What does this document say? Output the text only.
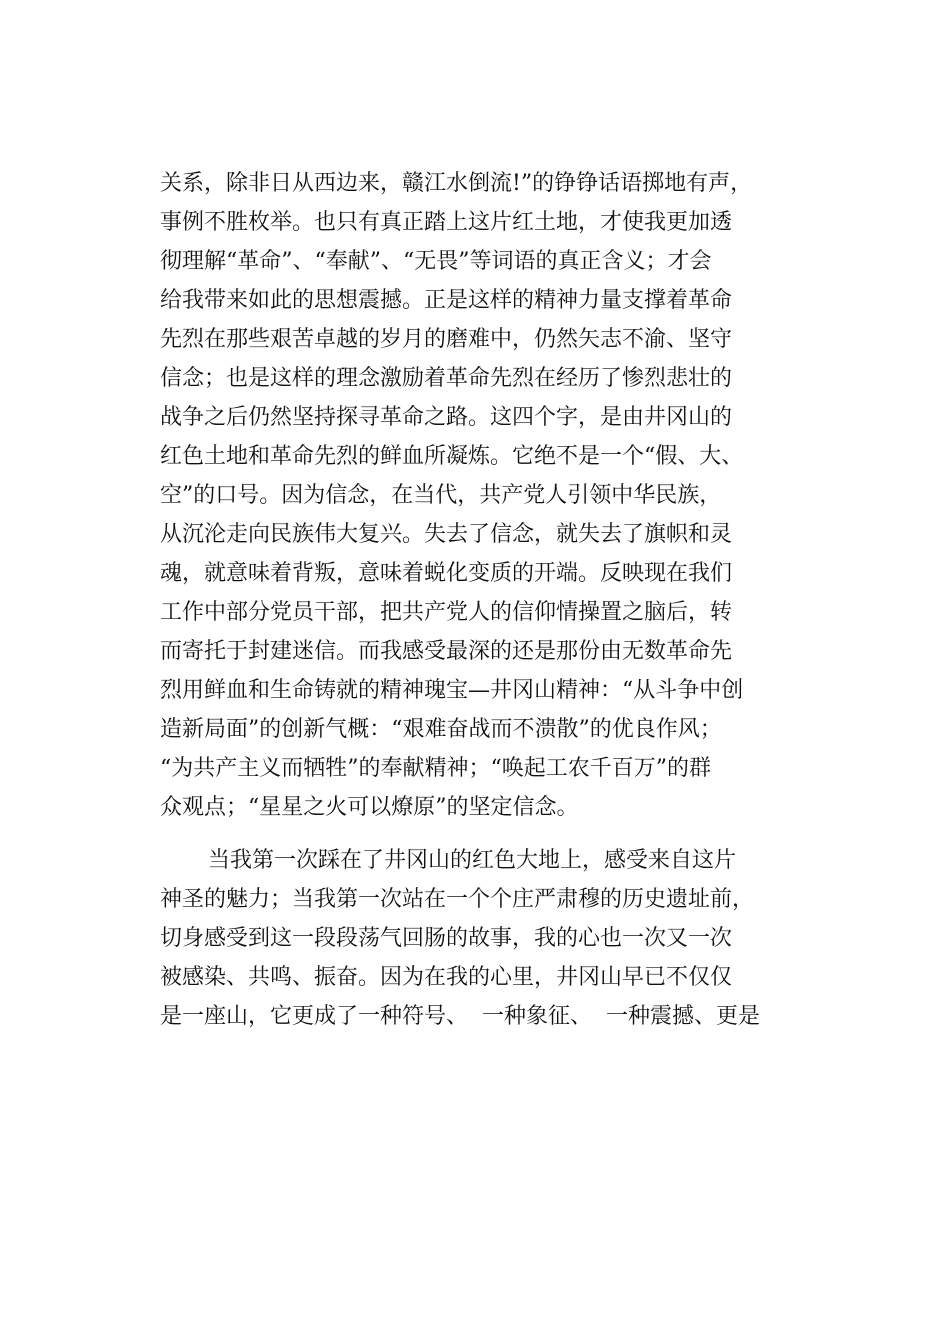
关系，除非日从西边来，赣江水倒流!”的铮铮话语掷地有声，
事例不胜枚举。也只有真正踏上这片红土地，才使我更加透
彻理解“革命”、“奉献”、“无畏”等词语的真正含义；才会
给我带来如此的思想震撼。正是这样的精神力量支撑着革命
先烈在那些艰苦卓越的岁月的磨难中，仍然矢志不渝、坚守
信念；也是这样的理念激励着革命先烈在经历了惨烈悲壮的
战争之后仍然坚持探寻革命之路。这四个字，是由井冈山的
红色土地和革命先烈的鲜血所凝炼。它绝不是一个“假、大、
空”的口号。因为信念，在当代，共产党人引领中华民族，
从沉沦走向民族伟大复兴。失去了信念，就失去了旗帜和灵
魂，就意味着背叛，意味着蜕化变质的开端。反映现在我们
工作中部分党员干部，把共产党人的信仰情操置之脑后，转
而寄托于封建迷信。而我感受最深的还是那份由无数革命先
烈用鲜血和生命铸就的精神瑰宝—井冈山精神：“从斗争中创
造新局面”的创新气概：“艰难奋战而不溃散”的优良作风；
“为共产主义而牺牲”的奉献精神；“唤起工农千百万”的群
众观点；“星星之火可以燎原”的坚定信念。
当我第一次踩在了井冈山的红色大地上，感受来自这片
神圣的魅力；当我第一次站在一个个庄严肃穆的历史遗址前，
切身感受到这一段段荡气回肠的故事，我的心也一次又一次
被感染、共鸣、振奋。因为在我的心里，井冈山早已不仅仅
是一座山，它更成了一种符号、  一种象征、  一种震撼、更是
